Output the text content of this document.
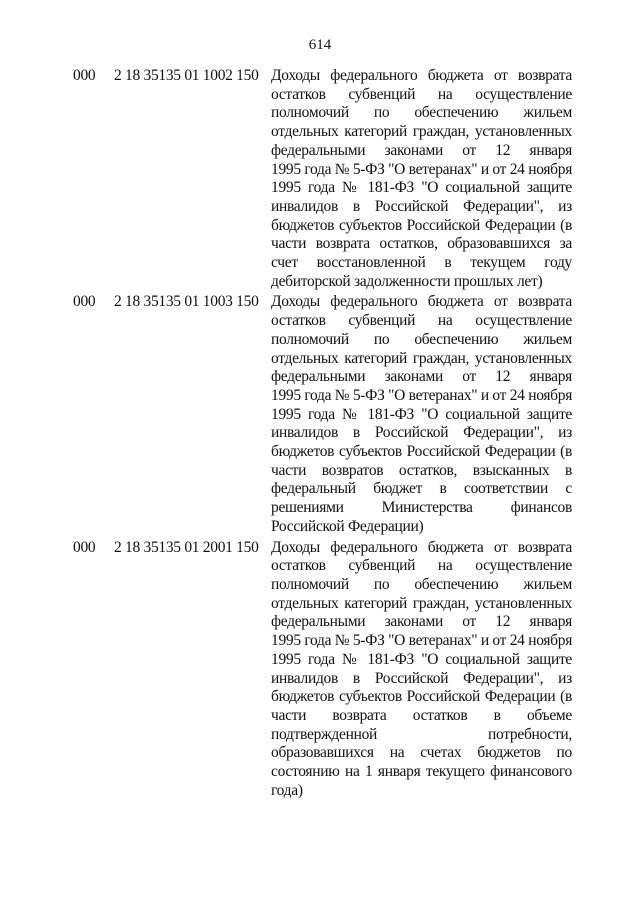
614
000 2 18 35135 01 1002 150 Доходы федерального бюджета от возврата
остатков субвенций на осуществление
полномочий по обеспечению жильем
отдельных категорий граждан, установленных
федеральными законами от 12 января
1995 года № 5-ФЗ "О ветеранах" и от 24 ноября
1995 года № 181-ФЗ "О социальной защите
инвалидов в Российской Федерации", из
бюджетов субъектов Российской Федерации (в
части возврата остатков, образовавшихся за
счет восстановленной в текущем году
дебиторской задолженности прошлых лет)
000 2 18 35135 01 1003 150 Доходы федерального бюджета от возврата
остатков субвенций на осуществление
полномочий по обеспечению жильем
отдельных категорий граждан, установленных
федеральными законами от 12 января
1995 года № 5-ФЗ "О ветеранах" и от 24 ноября
1995 года № 181-ФЗ "О социальной защите
инвалидов в Российской Федерации", из
бюджетов субъектов Российской Федерации (в
части возвратов остатков, взысканных в
федеральный бюджет в соответствии с
решениями Министерства финансов
Российской Федерации)
000 2 18 35135 01 2001 150 Доходы федерального бюджета от возврата
остатков субвенций на осуществление
полномочий по обеспечению жильем
отдельных категорий граждан, установленных
федеральными законами от 12 января
1995 года № 5-ФЗ "О ветеранах" и от 24 ноября
1995 года № 181-ФЗ "О социальной защите
инвалидов в Российской Федерации", из
бюджетов субъектов Российской Федерации (в
части возврата остатков в объеме
подтвержденной потребности,
образовавшихся на счетах бюджетов по
состоянию на 1 января текущего финансового
года)
